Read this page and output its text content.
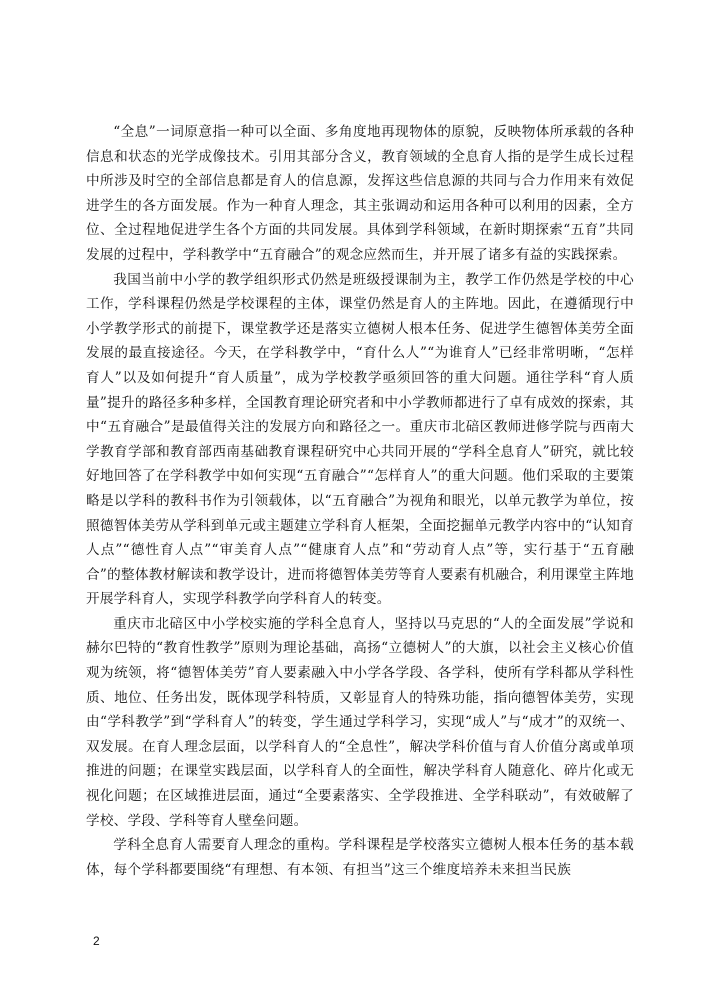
“全息”一词原意指一种可以全面、多角度地再现物体的原貌，反映物体所承载的各种信息和状态的光学成像技术。引用其部分含义，教育领域的全息育人指的是学生成长过程中所涉及时空的全部信息都是育人的信息源，发挥这些信息源的共同与合力作用来有效促进学生的各方面发展。作为一种育人理念，其主张调动和运用各种可以利用的因素，全方位、全过程地促进学生各个方面的共同发展。具体到学科领域，在新时期探索“五育”共同发展的过程中，学科教学中“五育融合”的观念应然而生，并开展了诸多有益的实践探索。

我国当前中小学的教学组织形式仍然是班级授课制为主，教学工作仍然是学校的中心工作，学科课程仍然是学校课程的主体，课堂仍然是育人的主阵地。因此，在遵循现行中小学教学形式的前提下，课堂教学还是落实立德树人根本任务、促进学生德智体美劳全面发展的最直接途径。今天，在学科教学中，“育什么人”“为谁育人”已经非常明晰，“怎样育人”以及如何提升“育人质量”，成为学校教学亟须回答的重大问题。通往学科“育人质量”提升的路径多种多样，全国教育理论研究者和中小学教师都进行了卓有成效的探索，其中“五育融合”是最值得关注的发展方向和路径之一。重庆市北碚区教师进修学院与西南大学教育学部和教育部西南基础教育课程研究中心共同开展的“学科全息育人”研究，就比较好地回答了在学科教学中如何实现“五育融合”“怎样育人”的重大问题。他们采取的主要策略是以学科的教科书作为引领载体，以“五育融合”为视角和眼光，以单元教学为单位，按照德智体美劳从学科到单元或主题建立学科育人框架，全面挖掘单元教学内容中的“认知育人点”“德性育人点”“审美育人点”“健康育人点”和“劳动育人点”等，实行基于“五育融合”的整体教材解读和教学设计，进而将德智体美劳等育人要素有机融合，利用课堂主阵地开展学科育人，实现学科教学向学科育人的转变。

重庆市北碚区中小学校实施的学科全息育人，坚持以马克思的“人的全面发展”学说和赫尔巴特的“教育性教学”原则为理论基础，高扬“立德树人”的大旗，以社会主义核心价值观为统领，将“德智体美劳”育人要素融入中小学各学段、各学科，使所有学科都从学科性质、地位、任务出发，既体现学科特质，又彰显育人的特殊功能，指向德智体美劳，实现由“学科教学”到“学科育人”的转变，学生通过学科学习，实现“成人”与“成才”的双统一、双发展。在育人理念层面，以学科育人的“全息性”，解决学科价值与育人价值分离或单项推进的问题；在课堂实践层面，以学科育人的全面性，解决学科育人随意化、碎片化或无视化问题；在区域推进层面，通过“全要素落实、全学段推进、全学科联动”，有效破解了学校、学段、学科等育人壁垒问题。

学科全息育人需要育人理念的重构。学科课程是学校落实立德树人根本任务的基本载体，每个学科都要围绕“有理想、有本领、有担当”这三个维度培养未来担当民族

2
